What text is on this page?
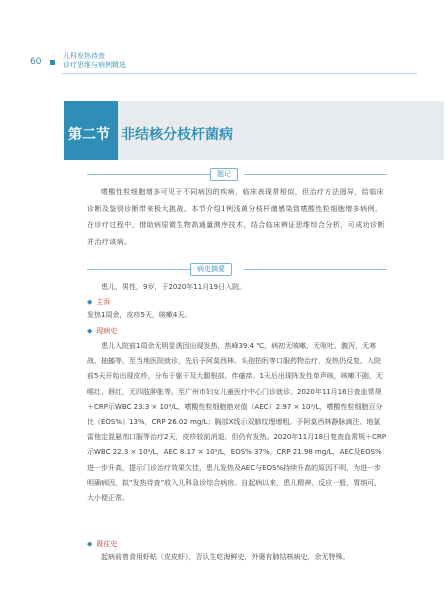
60
儿科发热待查
诊疗思维与病例精选
第二节 非结核分枝杆菌病
题记
嗜酸性粒细胞增多可见于不同病因的疾病，临床表现常相似，但治疗方法迥异，给临床诊断及鉴别诊断带来极大挑战。本节介绍1例浅黄分枝杆菌感染致嗜酸性粒细胞增多病例。在诊疗过程中，借助病原微生物高通量测序技术，结合临床辨证思维综合分析，可成功诊断并治疗该病。
病史摘要
患儿，男性，9岁，于2020年11月19日入院。
◆ 主诉
发热1周余，皮疹5天，咳嗽4天。
◆ 现病史
患儿入院前1周余无明显诱因出现发热，热峰39.4 ℃，病初无咳嗽、无呕吐、腹泻，无寒战、抽搐等，至当地医院就诊，先后予阿莫西林、头孢拍肟等口服药物治疗，发热仍反复。入院前5天开始出现皮疹，分布于躯干及大腿根部，伴瘙痒。1天后出现阵发性单声咳，咳嗽不剧，无喉红、唇红，无四肢肿胀等。至广州市妇女儿童医疗中心门诊就诊。2020年11月16日查血常规＋CRP示WBC 23.3 × 10⁹/L，嗜酸性粒细胞绝对值（AEC）2.97 × 10⁹/L，嗜酸性粒细胞百分比（EOS%）13%，CRP 26.02 mg/L；胸部X线示双肺纹理增粗。予阿莫西林静脉滴注、地氯雷他定混悬剂口服等治疗2天，皮疹较前消退，但仍有发热。2020年11月18日复查血常规＋CRP示WBC 22.3 × 10⁹/L，AEC 8.17 × 10⁹/L，EOS% 37%，CRP 21.98 mg/L，AEC及EOS%进一步升高，提示门诊治疗效果欠佳，患儿发热及AEC与EOS%持续升高的原因不明，为进一步明确病因，拟“发热待查”收入儿科急诊综合病房。自起病以来，患儿精神、反应一般，胃纳可，大小便正常。
◆ 既往史
起病前曾食用虾蛄（皮皮虾），否认生吃海鲜史，外婆有肺结核病史，余无特殊。
